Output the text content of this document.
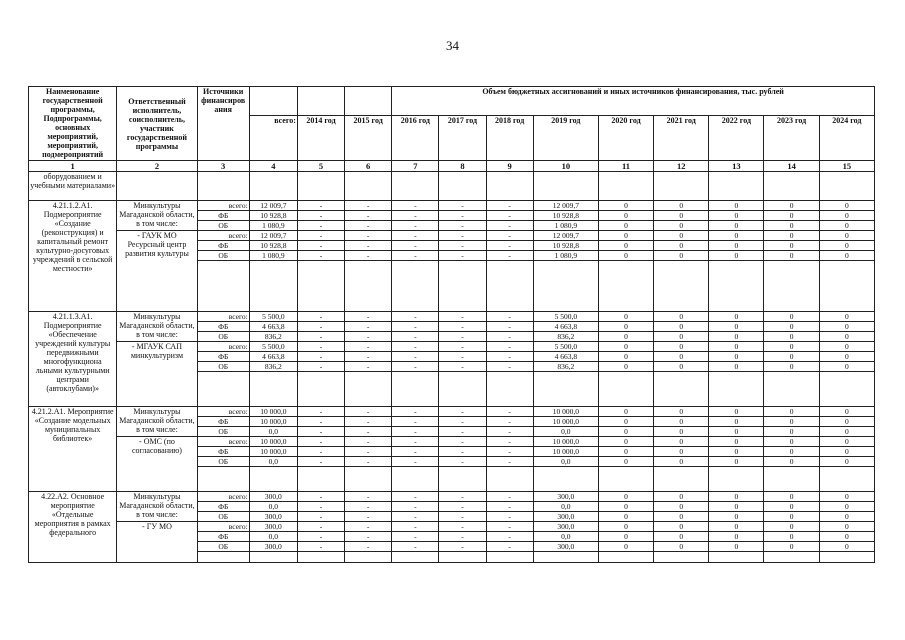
34
Наименование государственной программы, Подпрограммы, основных мероприятий, мероприятий, подмероприятий	Ответственный исполнитель, соисполнитель, участник государственной программы	Источники финансиров ания				Объем бюджетных ассигнований и иных источников финансирования, тыс. рублей								
			всего:	2014 год	2015 год	2016 год	2017 год	2018 год	2019 год	2020 год	2021 год	2022 год	2023 год	2024 год
1	2	3	4	5	6	7	8	9	10	11	12	13	14	15
оборудованием и учебными материалами»														
4.21.1.2.А1. Подмероприятие «Создание (реконструкция) и капитальный ремонт культурно-досуговых учреждений в сельской местности»	Минкультуры Магаданской области, в том числе:	всего:	12 009,7	-	-	-	-	-	12 009,7	0	0	0	0	0
		ФБ	10 928,8	-	-	-	-	-	10 928,8	0	0	0	0	0
		ОБ	1 080,9	-	-	-	-	-	1 080,9	0	0	0	0	0
	- ГАУК МО Ресурсный центр развития культуры	всего:	12 009,7	-	-	-	-	-	12 009,7	0	0	0	0	0
		ФБ	10 928,8	-	-	-	-	-	10 928,8	0	0	0	0	0
		ОБ	1 080,9	-	-	-	-	-	1 080,9	0	0	0	0	0

4.21.1.3.А1. Подмероприятие «Обеспечение учреждений культуры передвижными многофункциона льными культурными центрами (автоклубами)»	Минкультуры Магаданской области, в том числе:	всего:	5 500,0	-	-	-	-	-	5 500,0	0	0	0	0	0
		ФБ	4 663,8	-	-	-	-	-	4 663,8	0	0	0	0	0
		ОБ	836,2	-	-	-	-	-	836,2	0	0	0	0	0
	- МГАУК САП минкультуризм	всего:	5 500,0	-	-	-	-	-	5 500,0	0	0	0	0	0
		ФБ	4 663,8	-	-	-	-	-	4 663,8	0	0	0	0	0
		ОБ	836,2	-	-	-	-	-	836,2	0	0	0	0	0

4.21.2.А1. Мероприятие «Создание модельных муниципальных библиотек»	Минкультуры Магаданской области, в том числе:	всего:	10 000,0	-	-	-	-	-	10 000,0	0	0	0	0	0
		ФБ	10 000,0	-	-	-	-	-	10 000,0	0	0	0	0	0
		ОБ	0,0	-	-	-	-	-	0,0	0	0	0	0	0
	- ОМС (по согласованию)	всего:	10 000,0	-	-	-	-	-	10 000,0	0	0	0	0	0
		ФБ	10 000,0	-	-	-	-	-	10 000,0	0	0	0	0	0
		ОБ	0,0	-	-	-	-	-	0,0	0	0	0	0	0

4.22.А2. Основное мероприятие «Отдельные мероприятия в рамках федерального	Минкультуры Магаданской области, в том числе:	всего:	300,0	-	-	-	-	-	300,0	0	0	0	0	0
		ФБ	0,0	-	-	-	-	-	0,0	0	0	0	0	0
		ОБ	300,0	-	-	-	-	-	300,0	0	0	0	0	0
	- ГУ МО	всего:	300,0	-	-	-	-	-	300,0	0	0	0	0	0
		ФБ	0,0	-	-	-	-	-	0,0	0	0	0	0	0
		ОБ	300,0	-	-	-	-	-	300,0	0	0	0	0	0
